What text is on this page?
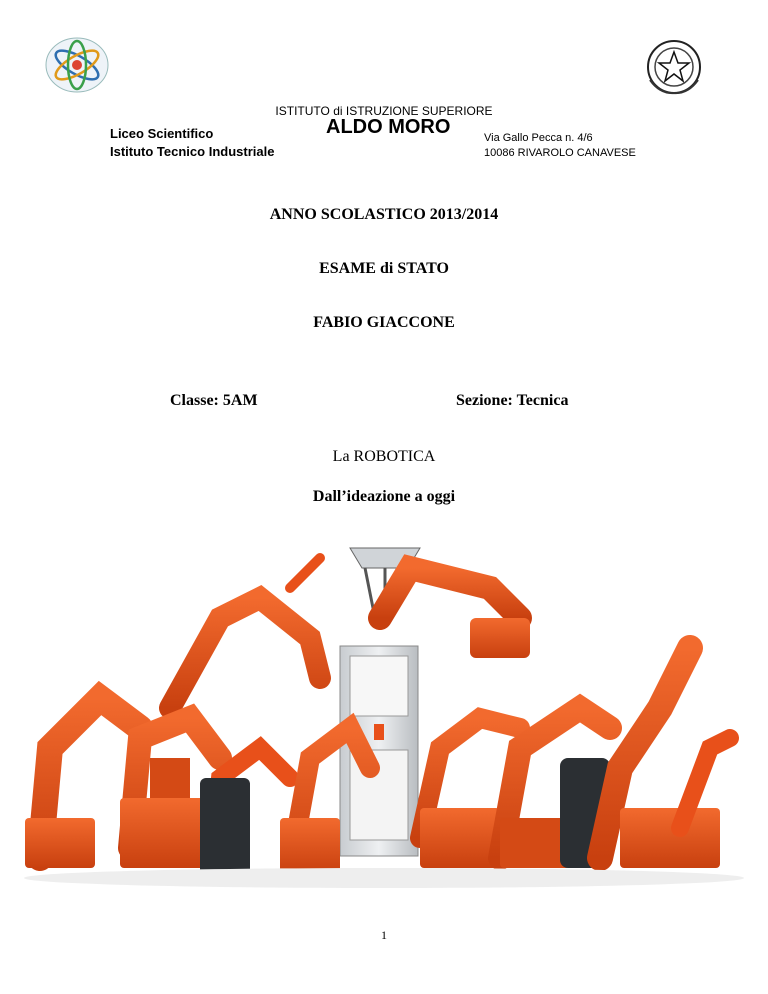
ISTITUTO di ISTRUZIONE SUPERIORE
Liceo Scientifico
Istituto Tecnico Industriale
ALDO MORO	Via Gallo Pecca n. 4/6
10086 RIVAROLO CANAVESE
ANNO SCOLASTICO 2013/2014
ESAME di STATO
FABIO GIACCONE
Classe: 5AM	Sezione: Tecnica
La ROBOTICA
Dall’ideazione a oggi
1
